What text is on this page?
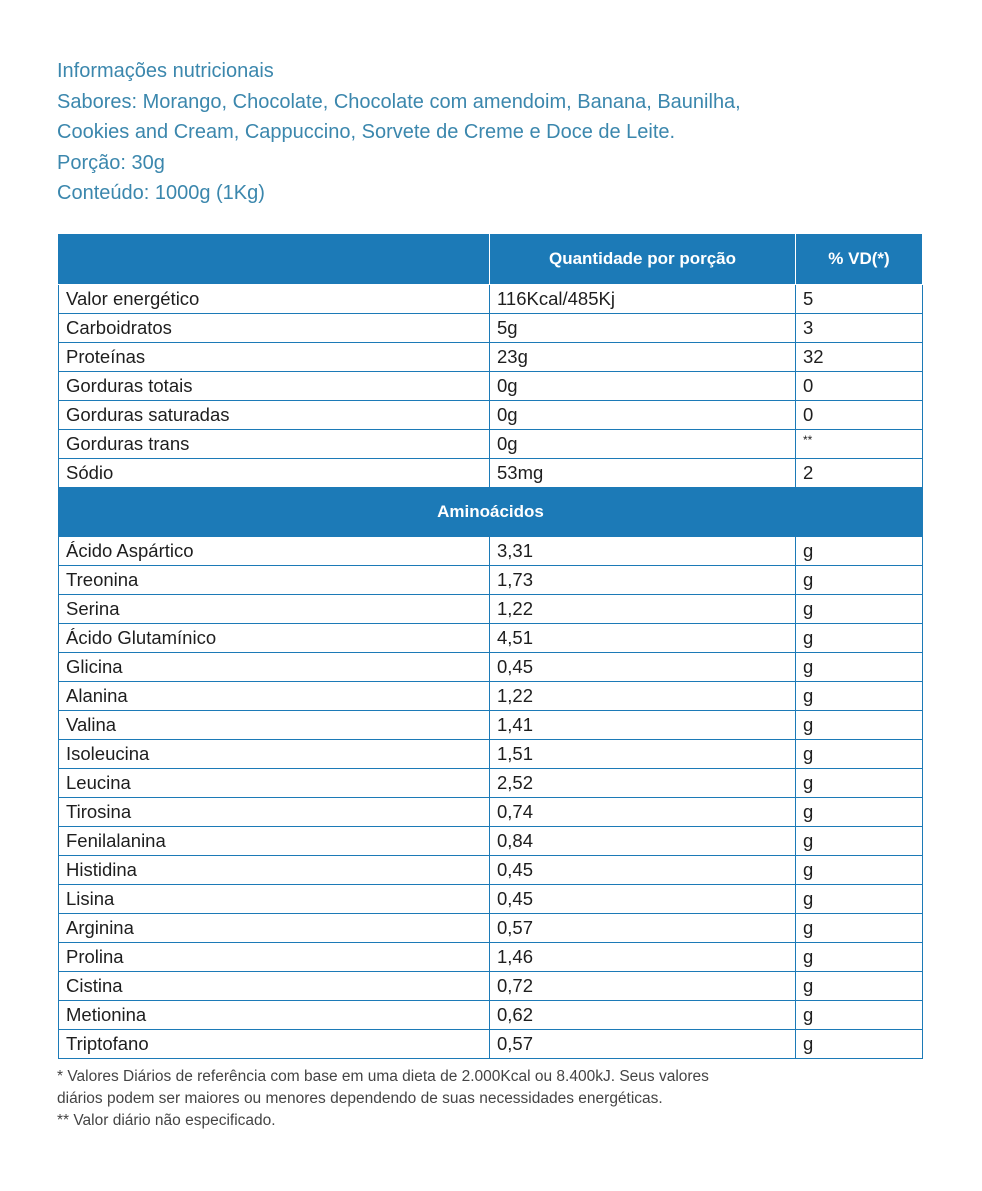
Informações nutricionais
Sabores: Morango, Chocolate, Chocolate com amendoim, Banana, Baunilha,
Cookies and Cream, Cappuccino, Sorvete de Creme e Doce de Leite.
Porção: 30g
Conteúdo: 1000g (1Kg)
	Quantidade por porção	% VD(*)
Valor energético	116Kcal/485Kj	5
Carboidratos	5g	3
Proteínas	23g	32
Gorduras totais	0g	0
Gorduras saturadas	0g	0
Gorduras trans	0g	**
Sódio	53mg	2
Aminoácidos		
Ácido Aspártico	3,31	g
Treonina	1,73	g
Serina	1,22	g
Ácido Glutamínico	4,51	g
Glicina	0,45	g
Alanina	1,22	g
Valina	1,41	g
Isoleucina	1,51	g
Leucina	2,52	g
Tirosina	0,74	g
Fenilalanina	0,84	g
Histidina	0,45	g
Lisina	0,45	g
Arginina	0,57	g
Prolina	1,46	g
Cistina	0,72	g
Metionina	0,62	g
Triptofano	0,57	g
* Valores Diários de referência com base em uma dieta de 2.000Kcal ou 8.400kJ. Seus valores
diários podem ser maiores ou menores dependendo de suas necessidades energéticas.
** Valor diário não especificado.
